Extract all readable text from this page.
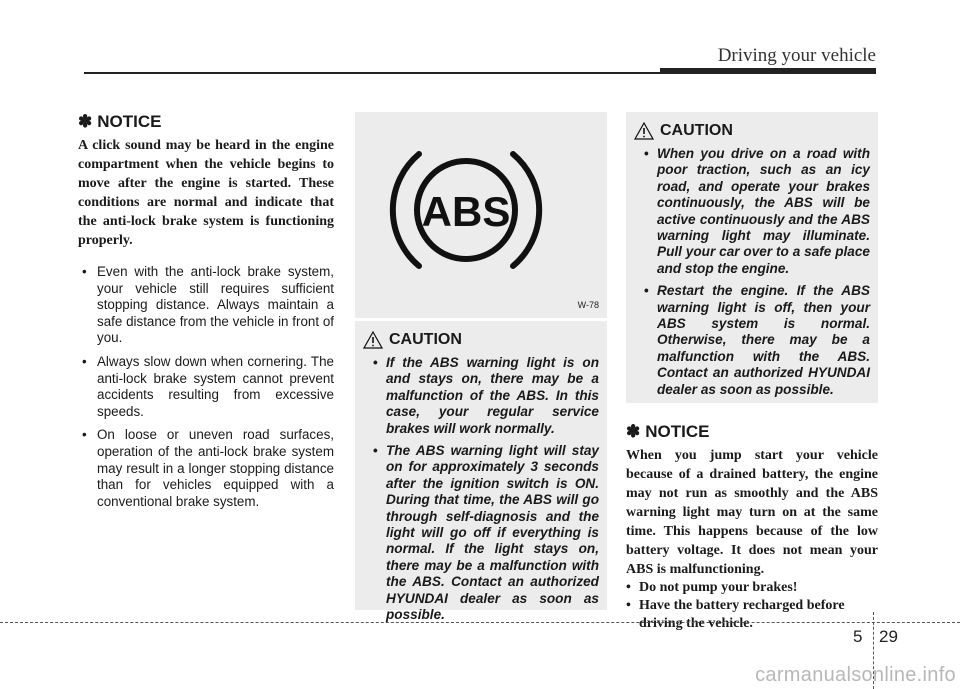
Driving your vehicle
✽ NOTICE

A click sound may be heard in the engine compartment when the vehicle begins to move after the engine is started. These conditions are normal and indicate that the anti-lock brake system is functioning properly.

• Even with the anti-lock brake system, your vehicle still requires sufficient stopping distance. Always maintain a safe distance from the vehicle in front of you.
• Always slow down when cornering. The anti-lock brake system cannot prevent accidents resulting from excessive speeds.
• On loose or uneven road surfaces, operation of the anti-lock brake system may result in a longer stopping distance than for vehicles equipped with a conventional brake system.
ABS
W-78
CAUTION
• If the ABS warning light is on and stays on, there may be a malfunction of the ABS. In this case, your regular service brakes will work normally.
• The ABS warning light will stay on for approximately 3 seconds after the ignition switch is ON. During that time, the ABS will go through self-diagnosis and the light will go off if everything is normal. If the light stays on, there may be a malfunction with the ABS. Contact an authorized HYUNDAI dealer as soon as possible.
CAUTION
• When you drive on a road with poor traction, such as an icy road, and operate your brakes continuously, the ABS will be active continuously and the ABS warning light may illuminate. Pull your car over to a safe place and stop the engine.
• Restart the engine. If the ABS warning light is off, then your ABS system is normal. Otherwise, there may be a malfunction with the ABS. Contact an authorized HYUNDAI dealer as soon as possible.
✽ NOTICE

When you jump start your vehicle because of a drained battery, the engine may not run as smoothly and the ABS warning light may turn on at the same time. This happens because of the low battery voltage. It does not mean your ABS is malfunctioning.

• Do not pump your brakes!
• Have the battery recharged before driving the vehicle.
5 29
carmanualsonline.info
